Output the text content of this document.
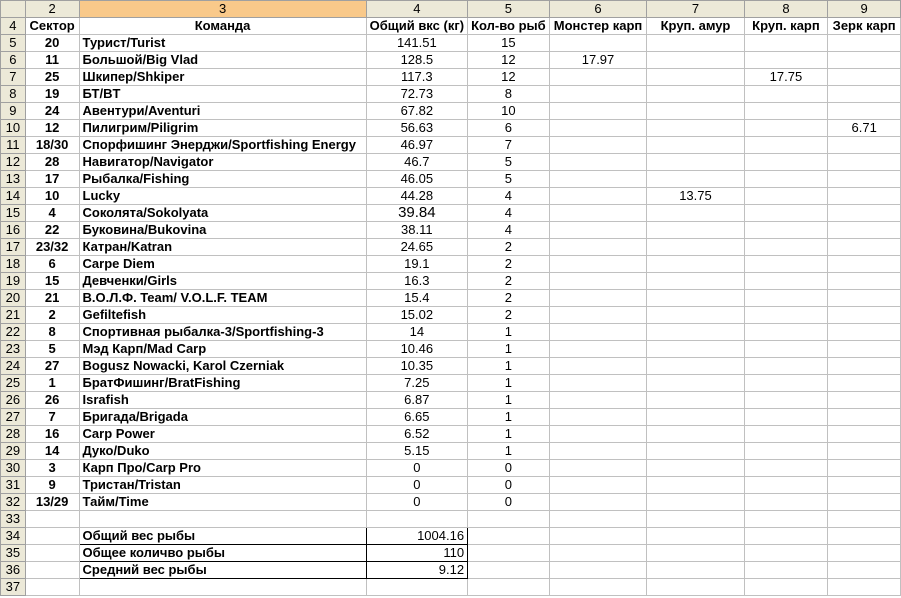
	2	3	4	5	6	7	8	9
4	Сектор	Команда	Общий вкс (кг)	Кол-во рыб	Монстер карп	Круп. амур	Круп. карп	Зерк карп
5	20	Турист/Turist	141.51	15				
6	11	Большой/Big Vlad	128.5	12	17.97			
7	25	Шкипер/Shkiper	117.3	12			17.75	
8	19	БТ/BT	72.73	8				
9	24	Авентури/Aventuri	67.82	10				
10	12	Пилигрим/Piligrim	56.63	6				6.71
11	18/30	Спорфишинг Энерджи/Sportfishing Energy	46.97	7				
12	28	Навигатор/Navigator	46.7	5				
13	17	Рыбалка/Fishing	46.05	5				
14	10	Lucky	44.28	4		13.75		
15	4	Соколята/Sokolyata	39.84	4				
16	22	Буковина/Bukovina	38.11	4				
17	23/32	Катран/Katran	24.65	2				
18	6	Carpe Diem	19.1	2				
19	15	Девченки/Girls	16.3	2				
20	21	В.О.Л.Ф. Team/ V.O.L.F. TEAM	15.4	2				
21	2	Gefiltefish	15.02	2				
22	8	Спортивная рыбалка-3/Sportfishing-3	14	1				
23	5	Мэд Карп/Mad Carp	10.46	1				
24	27	Bogusz Nowacki, Karol Czerniak	10.35	1				
25	1	БратФишинг/BratFishing	7.25	1				
26	26	Israfish	6.87	1				
27	7	Бригада/Brigada	6.65	1				
28	16	Carp Power	6.52	1				
29	14	Дуко/Duko	5.15	1				
30	3	Карп Про/Carp Pro	0	0				
31	9	Тристан/Tristan	0	0				
32	13/29	Тайм/Time	0	0				
33								
34		Общий вес рыбы	1004.16					
35		Общее количво рыбы	110					
36		Средний вес рыбы	9.12					
37								
